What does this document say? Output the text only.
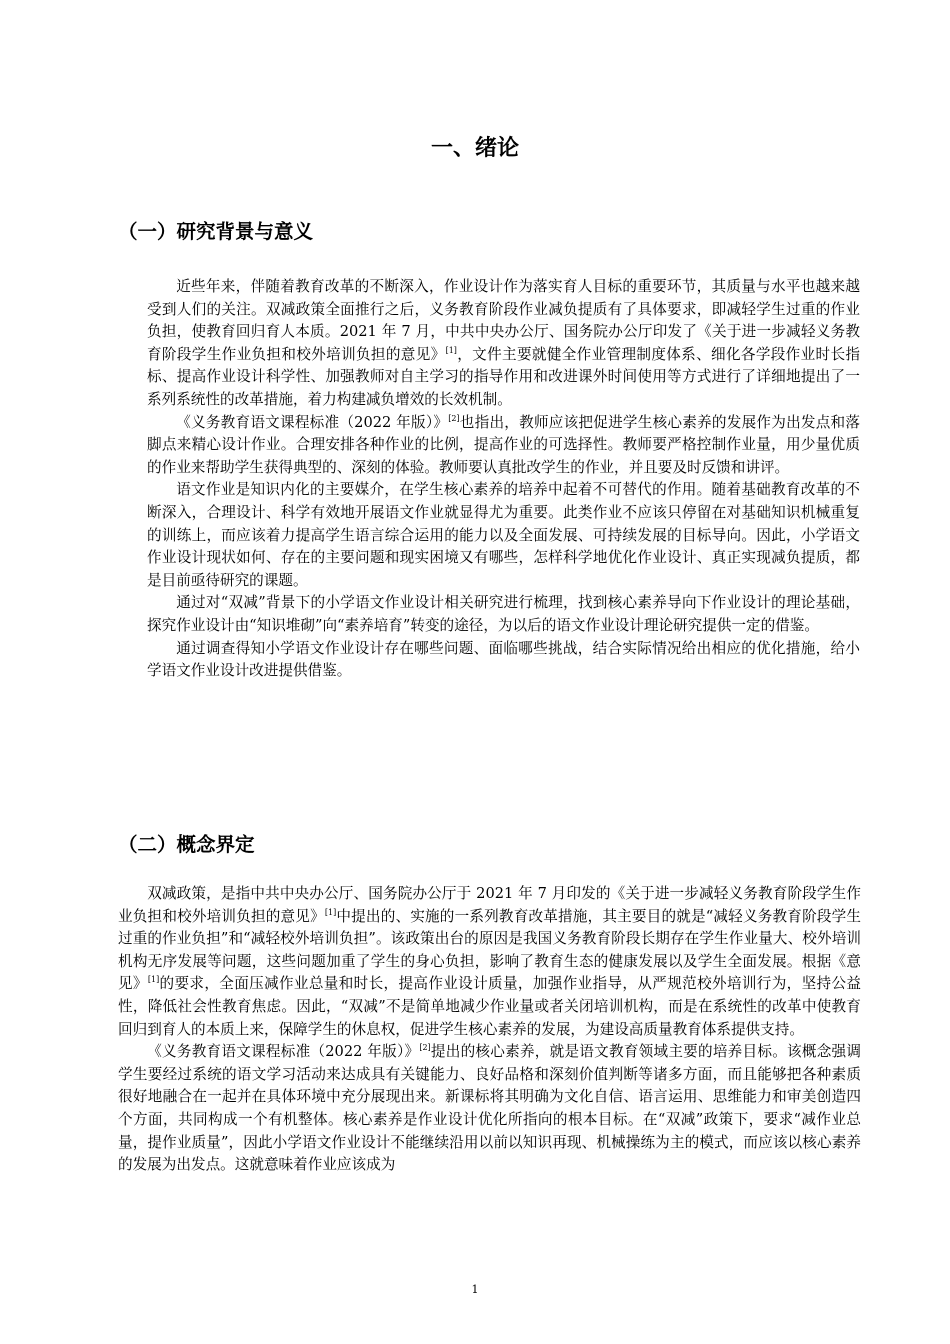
一、绪论
（一）研究背景与意义

近些年来，伴随着教育改革的不断深入，作业设计作为落实育人目标的重要环节，其质量与水平也越来越受到人们的关注。双减政策全面推行之后，义务教育阶段作业减负提质有了具体要求，即减轻学生过重的作业负担，使教育回归育人本质。2021 年 7 月，中共中央办公厅、国务院办公厅印发了《关于进一步减轻义务教育阶段学生作业负担和校外培训负担的意见》[1]，文件主要就健全作业管理制度体系、细化各学段作业时长指标、提高作业设计科学性、加强教师对自主学习的指导作用和改进课外时间使用等方式进行了详细地提出了一系列系统性的改革措施，着力构建减负增效的长效机制。

《义务教育语文课程标准（2022 年版）》[2]也指出，教师应该把促进学生核心素养的发展作为出发点和落脚点来精心设计作业。合理安排各种作业的比例，提高作业的可选择性。教师要严格控制作业量，用少量优质的作业来帮助学生获得典型的、深刻的体验。教师要认真批改学生的作业，并且要及时反馈和讲评。

语文作业是知识内化的主要媒介，在学生核心素养的培养中起着不可替代的作用。随着基础教育改革的不断深入，合理设计、科学有效地开展语文作业就显得尤为重要。此类作业不应该只停留在对基础知识机械重复的训练上，而应该着力提高学生语言综合运用的能力以及全面发展、可持续发展的目标导向。因此，小学语文作业设计现状如何、存在的主要问题和现实困境又有哪些，怎样科学地优化作业设计、真正实现减负提质，都是目前亟待研究的课题。

通过对“双减”背景下的小学语文作业设计相关研究进行梳理，找到核心素养导向下作业设计的理论基础，探究作业设计由“知识堆砌”向“素养培育”转变的途径，为以后的语文作业设计理论研究提供一定的借鉴。

通过调查得知小学语文作业设计存在哪些问题、面临哪些挑战，结合实际情况给出相应的优化措施，给小学语文作业设计改进提供借鉴。

（二）概念界定

双减政策，是指中共中央办公厅、国务院办公厅于 2021 年 7 月印发的《关于进一步减轻义务教育阶段学生作业负担和校外培训负担的意见》[1]中提出的、实施的一系列教育改革措施，其主要目的就是“减轻义务教育阶段学生过重的作业负担”和“减轻校外培训负担”。该政策出台的原因是我国义务教育阶段长期存在学生作业量大、校外培训机构无序发展等问题，这些问题加重了学生的身心负担，影响了教育生态的健康发展以及学生全面发展。根据《意见》[1]的要求，全面压减作业总量和时长，提高作业设计质量，加强作业指导，从严规范校外培训行为，坚持公益性，降低社会性教育焦虑。因此，“双减”不是简单地减少作业量或者关闭培训机构，而是在系统性的改革中使教育回归到育人的本质上来，保障学生的休息权，促进学生核心素养的发展，为建设高质量教育体系提供支持。

《义务教育语文课程标准（2022 年版）》[2]提出的核心素养，就是语文教育领域主要的培养目标。该概念强调学生要经过系统的语文学习活动来达成具有关键能力、良好品格和深刻价值判断等诸多方面，而且能够把各种素质很好地融合在一起并在具体环境中充分展现出来。新课标将其明确为文化自信、语言运用、思维能力和审美创造四个方面，共同构成一个有机整体。核心素养是作业设计优化所指向的根本目标。在“双减”政策下，要求“减作业总量，提作业质量”，因此小学语文作业设计不能继续沿用以前以知识再现、机械操练为主的模式，而应该以核心素养的发展为出发点。这就意味着作业应该成为

1
